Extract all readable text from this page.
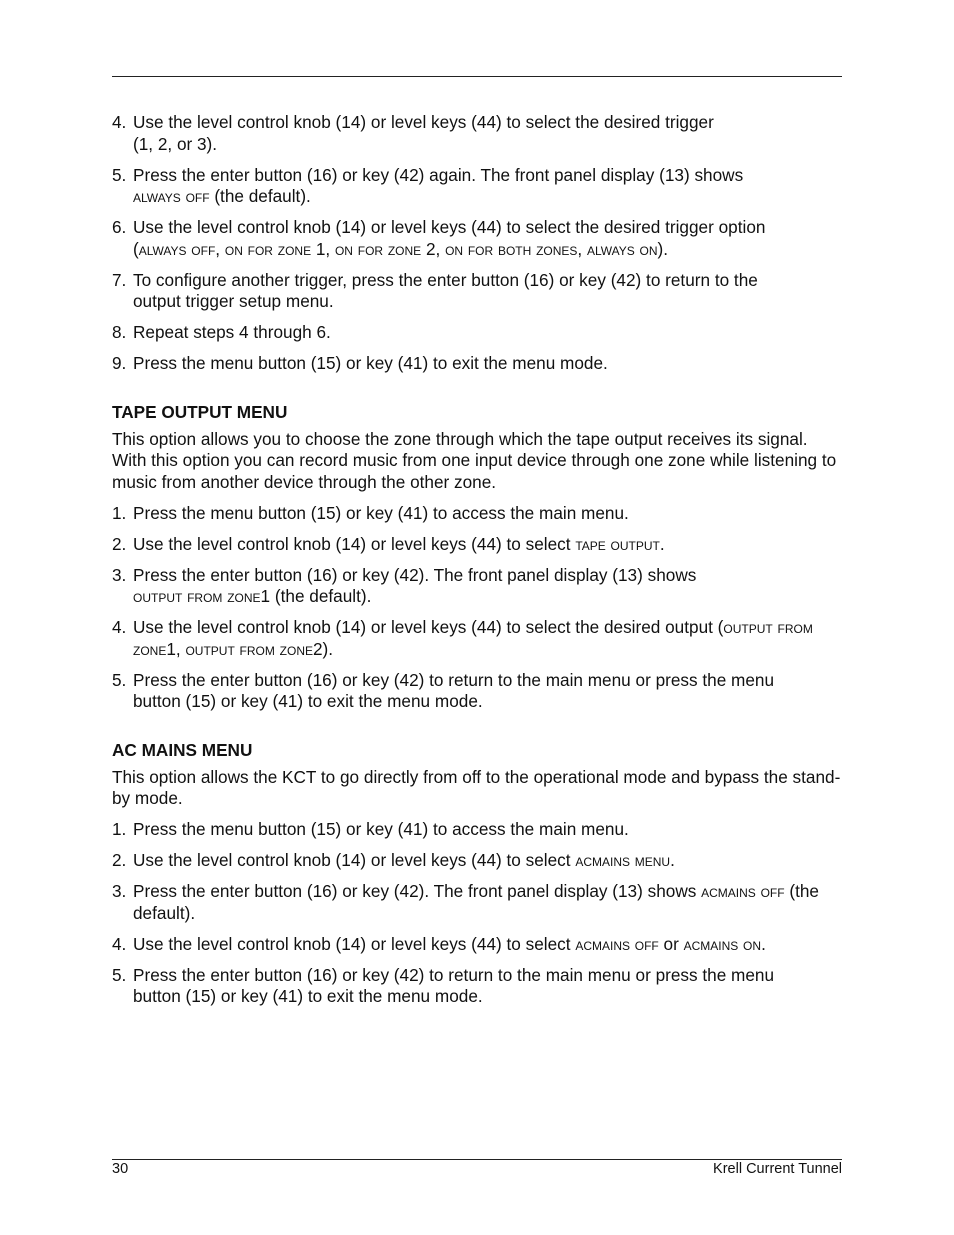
4. Use the level control knob (14) or level keys (44) to select the desired trigger
(1, 2, or 3).
5. Press the enter button (16) or key (42) again. The front panel display (13) shows
always off (the default).
6. Use the level control knob (14) or level keys (44) to select the desired trigger option
(always off, on for zone 1, on for zone 2, on for both zones, always on).
7. To configure another trigger, press the enter button (16) or key (42) to return to the
output trigger setup menu.
8. Repeat steps 4 through 6.
9. Press the menu button (15) or key (41) to exit the menu mode.
TAPE OUTPUT MENU

This option allows you to choose the zone through which the tape output receives its signal. With this option you can record music from one input device through one zone while listening to music from another device through the other zone.

1. Press the menu button (15) or key (41) to access the main menu.
2. Use the level control knob (14) or level keys (44) to select tape output.
3. Press the enter button (16) or key (42). The front panel display (13) shows
output from zone1 (the default).
4. Use the level control knob (14) or level keys (44) to select the desired output (output from zone1, output from zone2).
5. Press the enter button (16) or key (42) to return to the main menu or press the menu
button (15) or key (41) to exit the menu mode.
AC MAINS MENU

This option allows the KCT to go directly from off to the operational mode and bypass the stand-by mode.

1. Press the menu button (15) or key (41) to access the main menu.
2. Use the level control knob (14) or level keys (44) to select acmains menu.
3. Press the enter button (16) or key (42). The front panel display (13) shows acmains off (the default).
4. Use the level control knob (14) or level keys (44) to select acmains off or acmains on.
5. Press the enter button (16) or key (42) to return to the main menu or press the menu
button (15) or key (41) to exit the menu mode.
30	Krell Current Tunnel
